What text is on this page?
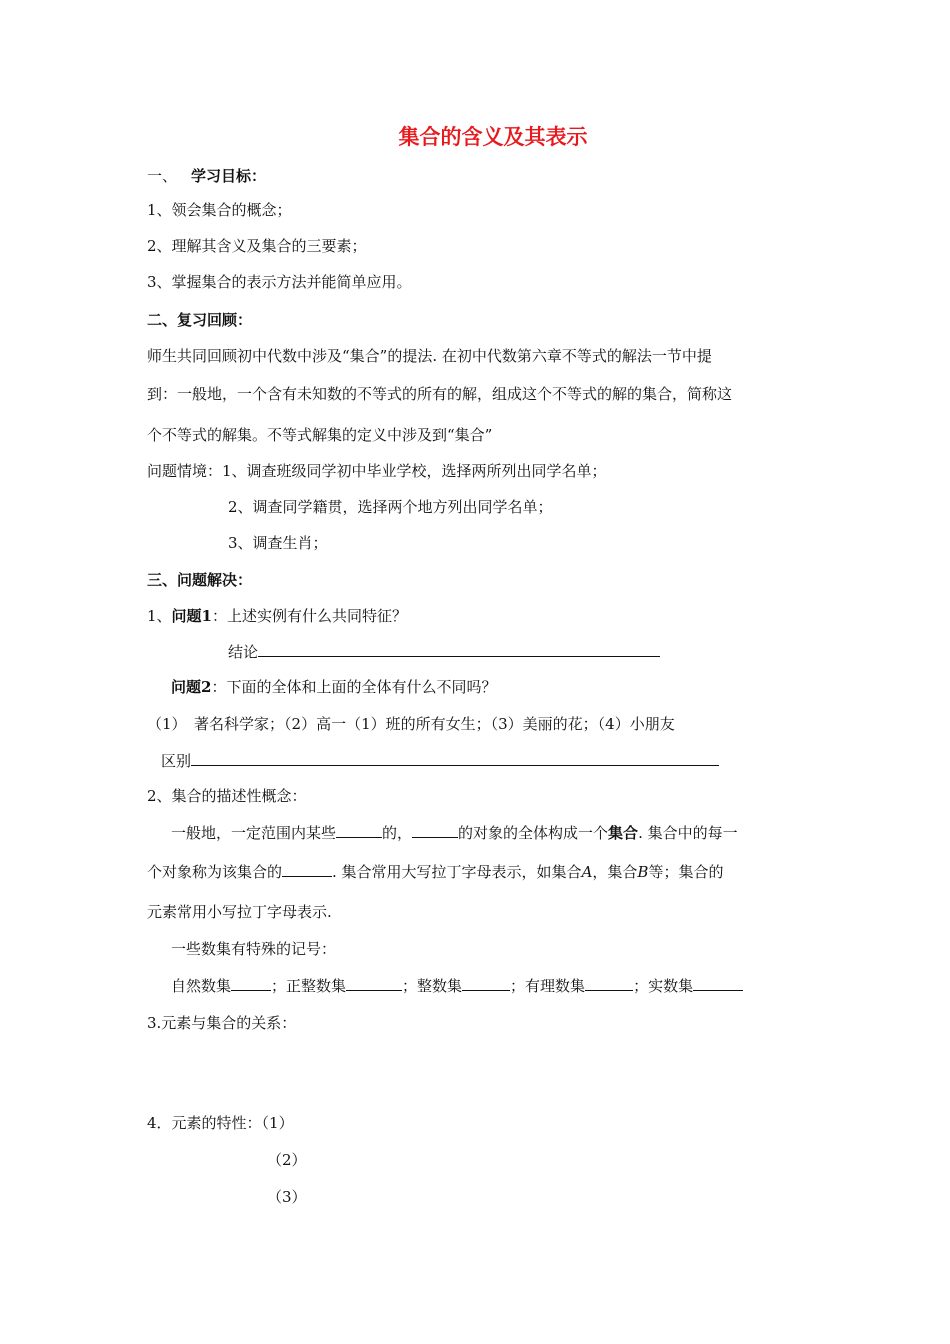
集合的含义及其表示
一、 学习目标：
1、领会集合的概念；
2、理解其含义及集合的三要素；
3、掌握集合的表示方法并能简单应用。
二、复习回顾：
师生共同回顾初中代数中涉及“集合”的提法. 在初中代数第六章不等式的解法一节中提
到：一般地，一个含有未知数的不等式的所有的解，组成这个不等式的解的集合，简称这
个不等式的解集。不等式解集的定义中涉及到“集合”
问题情境：1、调查班级同学初中毕业学校，选择两所列出同学名单；
2、调查同学籍贯，选择两个地方列出同学名单；
3、调查生肖；
三、问题解决：
1、问题1：上述实例有什么共同特征？
结论
问题2：下面的全体和上面的全体有什么不同吗？
（1）　著名科学家；（2）高一（1）班的所有女生；（3）美丽的花；（4）小朋友
区别
2、集合的描述性概念：
一般地，一定范围内某些	的，	的对象的全体构成一个集合. 集合中的每一
个对象称为该集合的	. 集合常用大写拉丁字母表示，如集合A，集合B等；集合的
元素常用小写拉丁字母表示.
一些数集有特殊的记号：
自然数集	；正整数集	；整数集	；有理数集	；实数集
3.元素与集合的关系：
4．元素的特性：（1）
（2）
（3）
